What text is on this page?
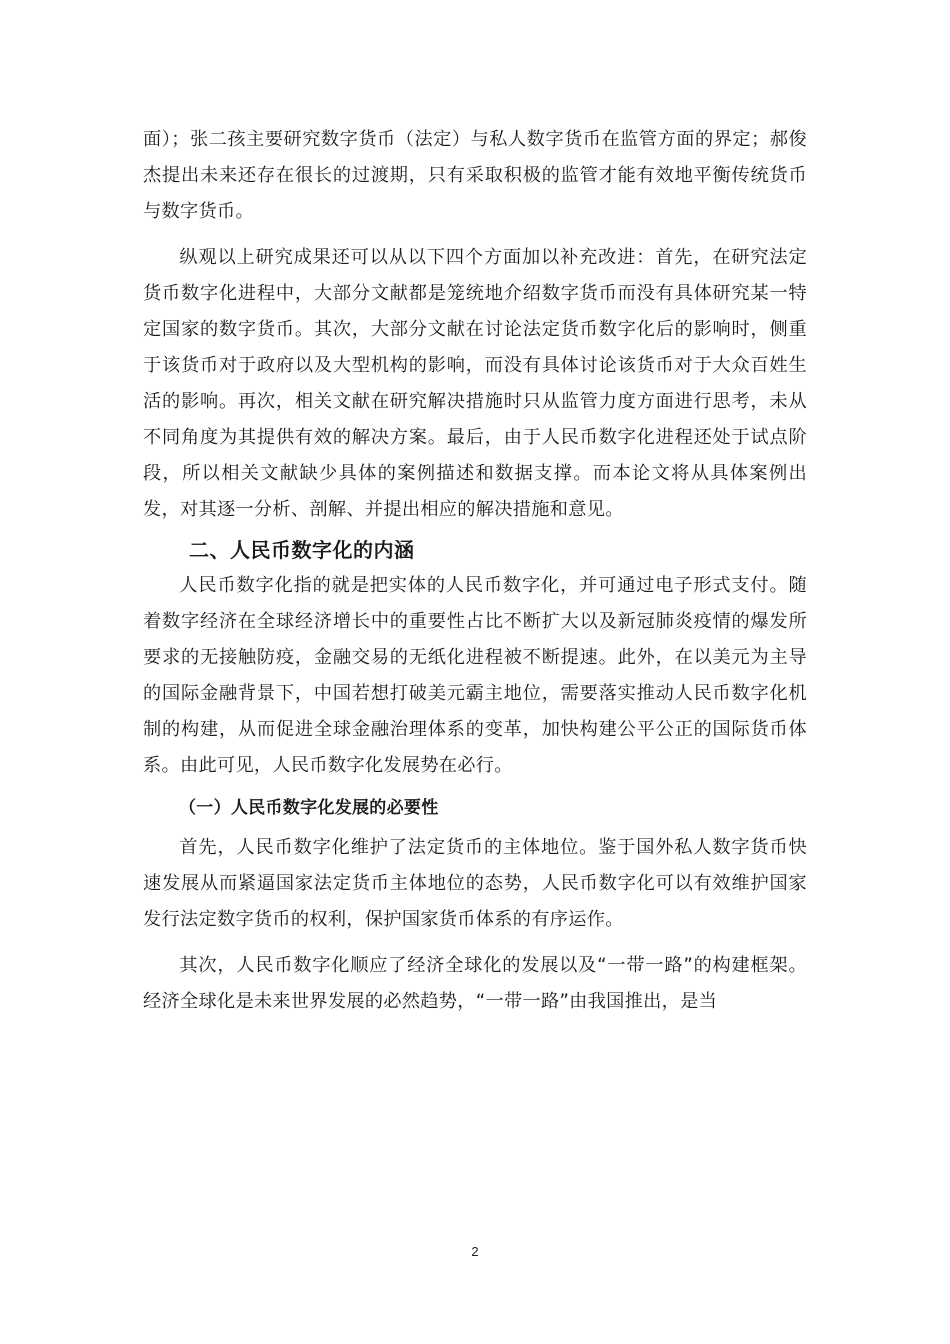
面）；张二孩主要研究数字货币（法定）与私人数字货币在监管方面的界定；郝俊杰提出未来还存在很长的过渡期，只有采取积极的监管才能有效地平衡传统货币与数字货币。

纵观以上研究成果还可以从以下四个方面加以补充改进：首先，在研究法定货币数字化进程中，大部分文献都是笼统地介绍数字货币而没有具体研究某一特定国家的数字货币。其次，大部分文献在讨论法定货币数字化后的影响时，侧重于该货币对于政府以及大型机构的影响，而没有具体讨论该货币对于大众百姓生活的影响。再次，相关文献在研究解决措施时只从监管力度方面进行思考，未从不同角度为其提供有效的解决方案。最后，由于人民币数字化进程还处于试点阶段，所以相关文献缺少具体的案例描述和数据支撑。而本论文将从具体案例出发，对其逐一分析、剖解、并提出相应的解决措施和意见。

二、人民币数字化的内涵

人民币数字化指的就是把实体的人民币数字化，并可通过电子形式支付。随着数字经济在全球经济增长中的重要性占比不断扩大以及新冠肺炎疫情的爆发所要求的无接触防疫，金融交易的无纸化进程被不断提速。此外，在以美元为主导的国际金融背景下，中国若想打破美元霸主地位，需要落实推动人民币数字化机制的构建，从而促进全球金融治理体系的变革，加快构建公平公正的国际货币体系。由此可见，人民币数字化发展势在必行。

（一）人民币数字化发展的必要性

首先，人民币数字化维护了法定货币的主体地位。鉴于国外私人数字货币快速发展从而紧逼国家法定货币主体地位的态势，人民币数字化可以有效维护国家发行法定数字货币的权利，保护国家货币体系的有序运作。

其次，人民币数字化顺应了经济全球化的发展以及“一带一路”的构建框架。经济全球化是未来世界发展的必然趋势，“一带一路”由我国推出，是当

2
